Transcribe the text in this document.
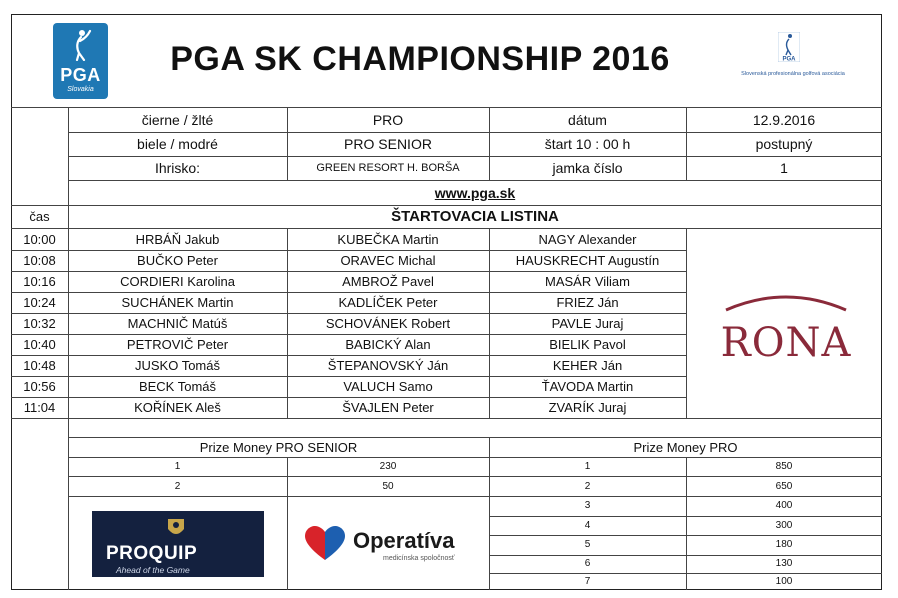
PGA
Slovakia
PGA SK CHAMPIONSHIP 2016	PGA
Slovenská profesionálna golfová asociácia
čierne / žlté	PRO	dátum	12.9.2016
biele / modré	PRO SENIOR	štart 10 : 00 h	postupný
Ihrisko:	GREEN RESORT H. BORŠA	jamka číslo	1
www.pga.sk
čas	ŠTARTOVACIA LISTINA
10:00	HRBÁŇ Jakub	KUBEČKA Martin	NAGY Alexander
10:08	BUČKO Peter	ORAVEC Michal	HAUSKRECHT Augustín
10:16	CORDIERI Karolina	AMBROŽ Pavel	MASÁR Viliam
10:24	SUCHÁNEK Martin	KADLÍČEK Peter	FRIEZ Ján
10:32	MACHNIČ Matúš	SCHOVÁNEK Robert	PAVLE Juraj
10:40	PETROVIČ Peter	BABICKÝ Alan	BIELIK Pavol
10:48	JUSKO Tomáš	ŠTEPANOVSKÝ Ján	KEHER Ján
10:56	BECK Tomáš	VALUCH Samo	ŤAVODA Martin
11:04	KOŘÍNEK Aleš	ŠVAJLEN Peter	ZVARÍK Juraj
RONA
Prize Money PRO SENIOR	Prize Money PRO
1	230
2	50
1	850
2	650
3	400
4	300
5	180
6	130
7	100
PROQUIP
Ahead of the Game
Operatíva
medicínska spoločnosť
